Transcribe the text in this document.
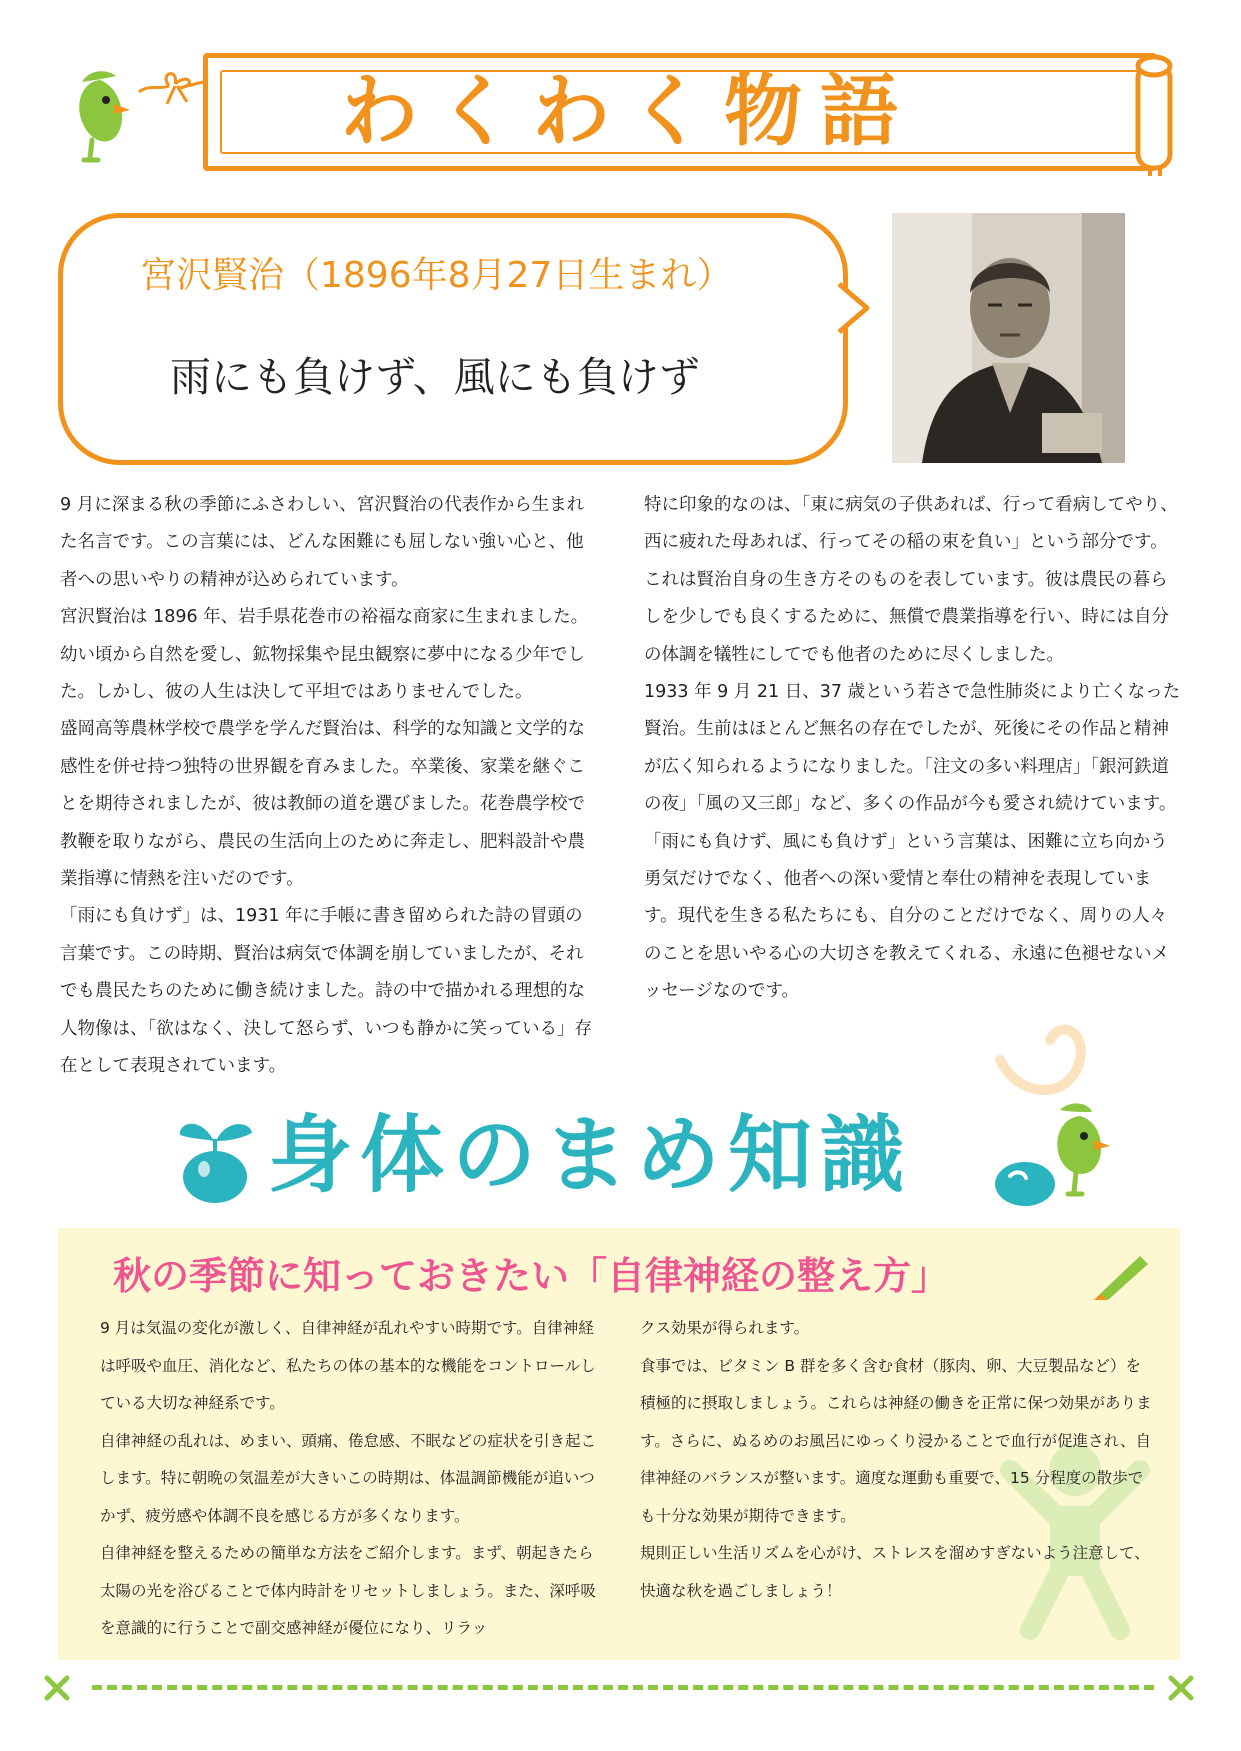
わくわく物語
宮沢賢治（1896年8月27日生まれ）
雨にも負けず、風にも負けず

9 月に深まる秋の季節にふさわしい、宮沢賢治の代表作から生まれた名言です。この言葉には、どんな困難にも屈しない強い心と、他者への思いやりの精神が込められています。

宮沢賢治は 1896 年、岩手県花巻市の裕福な商家に生まれました。幼い頃から自然を愛し、鉱物採集や昆虫観察に夢中になる少年でした。しかし、彼の人生は決して平坦ではありませんでした。

盛岡高等農林学校で農学を学んだ賢治は、科学的な知識と文学的な感性を併せ持つ独特の世界観を育みました。卒業後、家業を継ぐことを期待されましたが、彼は教師の道を選びました。花巻農学校で教鞭を取りながら、農民の生活向上のために奔走し、肥料設計や農業指導に情熱を注いだのです。

「雨にも負けず」は、1931 年に手帳に書き留められた詩の冒頭の言葉です。この時期、賢治は病気で体調を崩していましたが、それでも農民たちのために働き続けました。詩の中で描かれる理想的な人物像は、「欲はなく、決して怒らず、いつも静かに笑っている」存在として表現されています。

特に印象的なのは、「東に病気の子供あれば、行って看病してやり、西に疲れた母あれば、行ってその稲の束を負い」という部分です。これは賢治自身の生き方そのものを表しています。彼は農民の暮らしを少しでも良くするために、無償で農業指導を行い、時には自分の体調を犠牲にしてでも他者のために尽くしました。

1933 年 9 月 21 日、37 歳という若さで急性肺炎により亡くなった賢治。生前はほとんど無名の存在でしたが、死後にその作品と精神が広く知られるようになりました。「注文の多い料理店」「銀河鉄道の夜」「風の又三郎」など、多くの作品が今も愛され続けています。

「雨にも負けず、風にも負けず」という言葉は、困難に立ち向かう勇気だけでなく、他者への深い愛情と奉仕の精神を表現しています。現代を生きる私たちにも、自分のことだけでなく、周りの人々のことを思いやる心の大切さを教えてくれる、永遠に色褪せないメッセージなのです。

身体のまめ知識
秋の季節に知っておきたい「自律神経の整え方」

9 月は気温の変化が激しく、自律神経が乱れやすい時期です。自律神経は呼吸や血圧、消化など、私たちの体の基本的な機能をコントロールしている大切な神経系です。

自律神経の乱れは、めまい、頭痛、倦怠感、不眠などの症状を引き起こします。特に朝晩の気温差が大きいこの時期は、体温調節機能が追いつかず、疲労感や体調不良を感じる方が多くなります。

自律神経を整えるための簡単な方法をご紹介します。まず、朝起きたら太陽の光を浴びることで体内時計をリセットしましょう。また、深呼吸を意識的に行うことで副交感神経が優位になり、リラッ

クス効果が得られます。

食事では、ビタミン B 群を多く含む食材（豚肉、卵、大豆製品など）を積極的に摂取しましょう。これらは神経の働きを正常に保つ効果があります。さらに、ぬるめのお風呂にゆっくり浸かることで血行が促進され、自律神経のバランスが整います。適度な運動も重要で、15 分程度の散歩でも十分な効果が期待できます。

規則正しい生活リズムを心がけ、ストレスを溜めすぎないよう注意して、快適な秋を過ごしましょう！
